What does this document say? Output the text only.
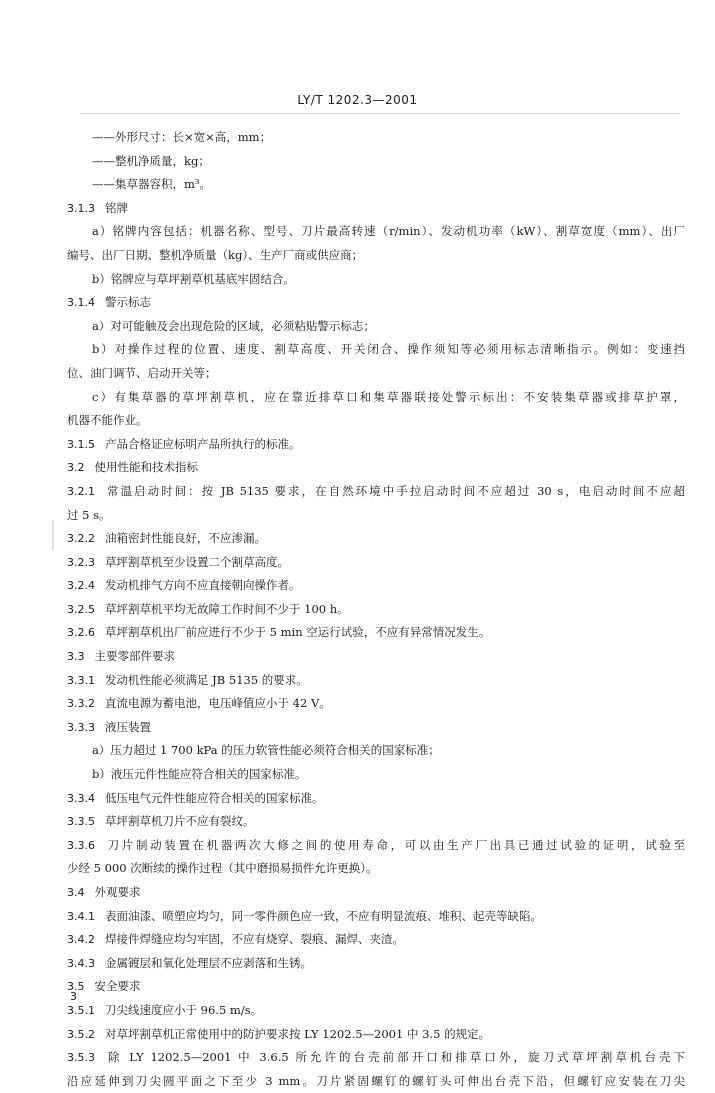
LY/T 1202.3—2001
——外形尺寸：长×宽×高，mm；
——整机净质量，kg；
——集草器容积，m³。
3.1.3 铭牌
a）铭牌内容包括：机器名称、型号、刀片最高转速（r/min）、发动机功率（kW）、割草宽度（mm）、出厂
编号、出厂日期、整机净质量（kg）、生产厂商或供应商；
b）铭牌应与草坪割草机基底牢固结合。
3.1.4 警示标志
a）对可能触及会出现危险的区域，必须粘贴警示标志；
b）对操作过程的位置、速度、割草高度、开关闭合、操作须知等必须用标志清晰指示。例如：变速挡
位、油门调节、启动开关等；
c）有集草器的草坪割草机，应在靠近排草口和集草器联接处警示标出：不安装集草器或排草护罩，
机器不能作业。
3.1.5 产品合格证应标明产品所执行的标准。
3.2 使用性能和技术指标
3.2.1 常温启动时间：按 JB 5135 要求，在自然环境中手拉启动时间不应超过 30 s，电启动时间不应超
过 5 s。
3.2.2 油箱密封性能良好，不应渗漏。
3.2.3 草坪割草机至少设置二个割草高度。
3.2.4 发动机排气方向不应直接朝向操作者。
3.2.5 草坪割草机平均无故障工作时间不少于 100 h。
3.2.6 草坪割草机出厂前应进行不少于 5 min 空运行试验，不应有异常情况发生。
3.3 主要零部件要求
3.3.1 发动机性能必须满足 JB 5135 的要求。
3.3.2 直流电源为蓄电池，电压峰值应小于 42 V。
3.3.3 液压装置
a）压力超过 1 700 kPa 的压力软管性能必须符合相关的国家标准；
b）液压元件性能应符合相关的国家标准。
3.3.4 低压电气元件性能应符合相关的国家标准。
3.3.5 草坪割草机刀片不应有裂纹。
3.3.6 刀片制动装置在机器两次大修之间的使用寿命，可以由生产厂出具已通过试验的证明，试验至
少经 5 000 次断续的操作过程（其中磨损易损件允许更换）。
3.4 外观要求
3.4.1 表面油漆、喷塑应均匀，同一零件颜色应一致，不应有明显流痕、堆积、起壳等缺陷。
3.4.2 焊接件焊缝应均匀牢固，不应有烧穿、裂痕、漏焊、夹渣。
3.4.3 金属镀层和氧化处理层不应剥落和生锈。
3.5 安全要求
3.5.1 刀尖线速度应小于 96.5 m/s。
3.5.2 对草坪割草机正常使用中的防护要求按 LY 1202.5—2001 中 3.5 的规定。
3.5.3 除 LY 1202.5—2001 中 3.6.5 所允许的台壳前部开口和排草口外，旋刀式草坪割草机台壳下
沿应延伸到刀尖圆平面之下至少 3 mm。刀片紧固螺钉的螺钉头可伸出台壳下沿，但螺钉应安装在刀尖
3
